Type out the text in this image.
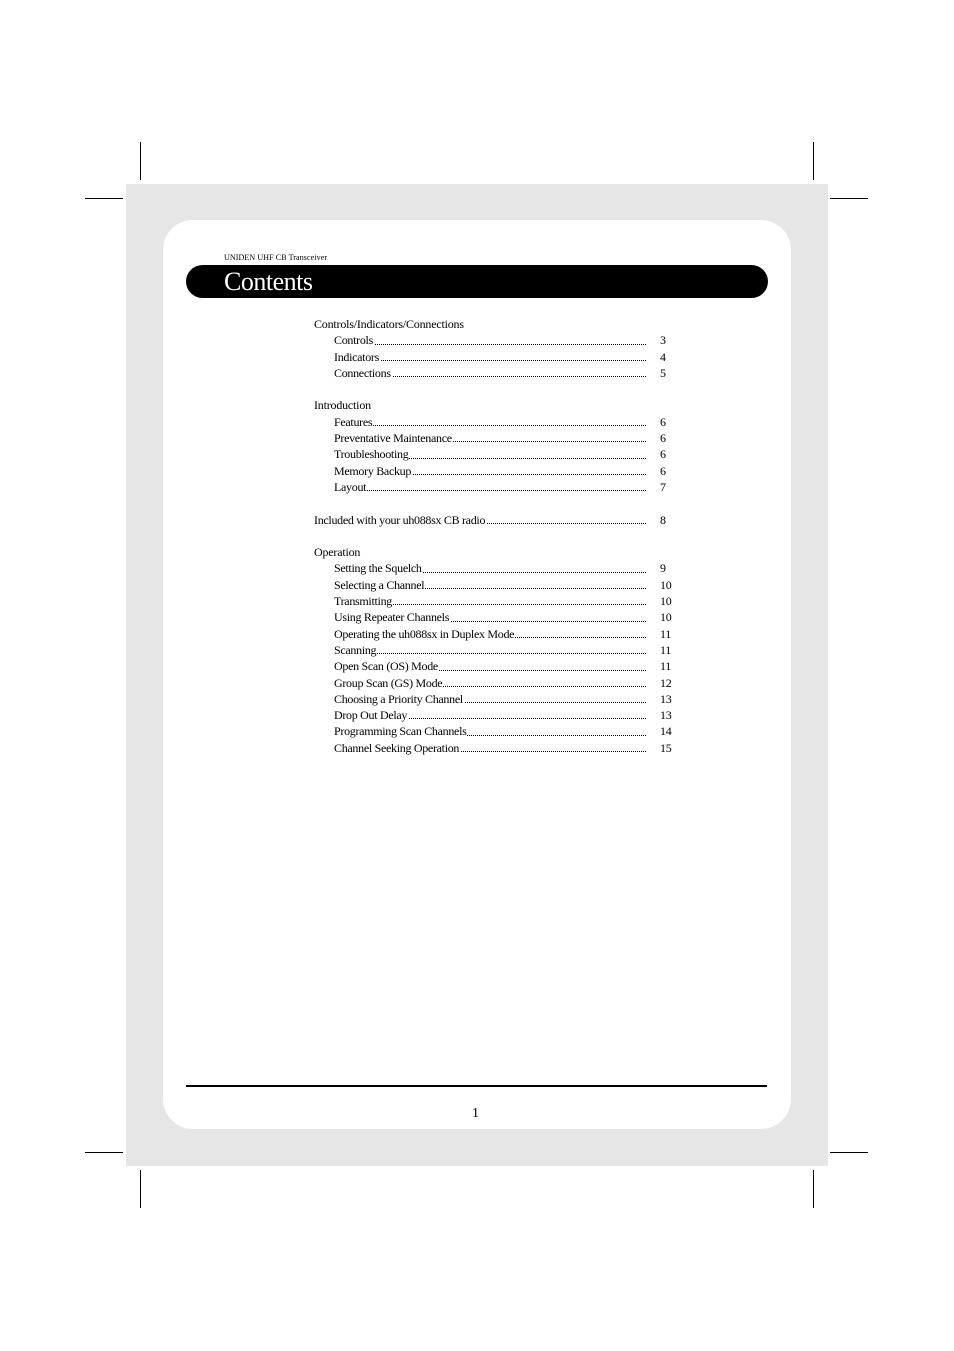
UNIDEN UHF CB Transceiver
Contents
Controls/Indicators/Connections
Controls	3
Indicators	4
Connections	5
Introduction
Features	6
Preventative Maintenance	6
Troubleshooting	6
Memory Backup	6
Layout	7
Included with your uh088sx CB radio	8
Operation
Setting the Squelch	9
Selecting a Channel	10
Transmitting	10
Using Repeater Channels	10
Operating the uh088sx in Duplex Mode	11
Scanning	11
Open Scan (OS) Mode	11
Group Scan (GS) Mode	12
Choosing a Priority Channel	13
Drop Out Delay	13
Programming Scan Channels	14
Channel Seeking Operation	15
1
